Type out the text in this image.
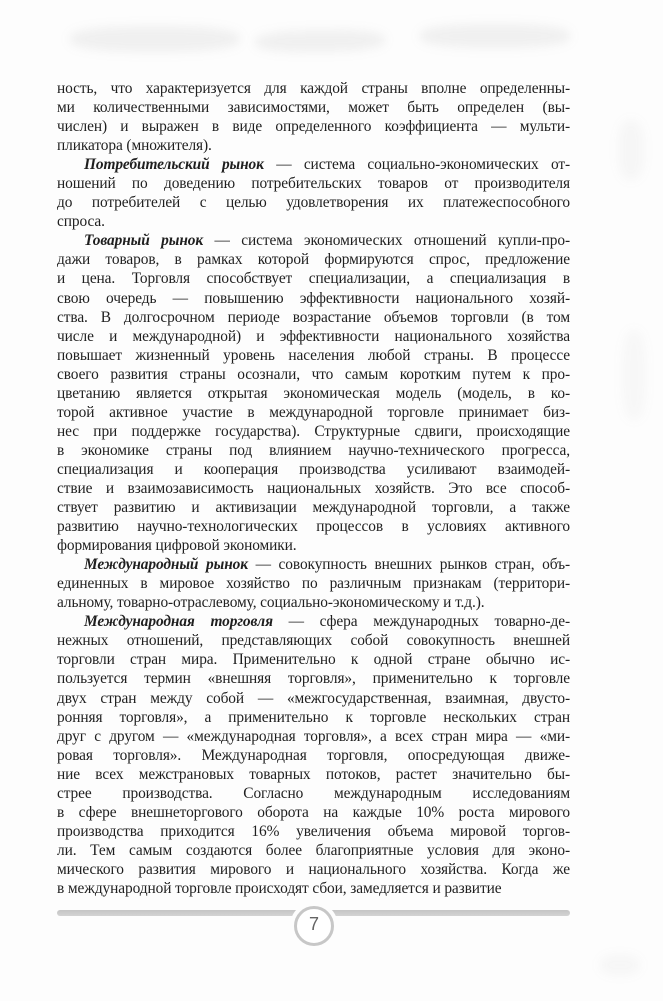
ность, что характеризуется для каждой страны вполне определенны-
ми количественными зависимостями, может быть определен (вы-
числен) и выражен в виде определенного коэффициента — мульти-
пликатора (множителя).
Потребительский рынок — система социально-экономических от-
ношений по доведению потребительских товаров от производителя
до потребителей с целью удовлетворения их платежеспособного
спроса.
Товарный рынок — система экономических отношений купли-про-
дажи товаров, в рамках которой формируются спрос, предложение
и цена. Торговля способствует специализации, а специализация в
свою очередь — повышению эффективности национального хозяй-
ства. В долгосрочном периоде возрастание объемов торговли (в том
числе и международной) и эффективности национального хозяйства
повышает жизненный уровень населения любой страны. В процессе
своего развития страны осознали, что самым коротким путем к про-
цветанию является открытая экономическая модель (модель, в ко-
торой активное участие в международной торговле принимает биз-
нес при поддержке государства). Структурные сдвиги, происходящие
в экономике страны под влиянием научно-технического прогресса,
специализация и кооперация производства усиливают взаимодей-
ствие и взаимозависимость национальных хозяйств. Это все способ-
ствует развитию и активизации международной торговли, а также
развитию научно-технологических процессов в условиях активного
формирования цифровой экономики.
Международный рынок — совокупность внешних рынков стран, объ-
единенных в мировое хозяйство по различным признакам (территори-
альному, товарно-отраслевому, социально-экономическому и т.д.).
Международная торговля — сфера международных товарно-де-
нежных отношений, представляющих собой совокупность внешней
торговли стран мира. Применительно к одной стране обычно ис-
пользуется термин «внешняя торговля», применительно к торговле
двух стран между собой — «межгосударственная, взаимная, двусто-
ронняя торговля», а применительно к торговле нескольких стран
друг с другом — «международная торговля», а всех стран мира — «ми-
ровая торговля». Международная торговля, опосредующая движе-
ние всех межстрановых товарных потоков, растет значительно бы-
стрее производства. Согласно международным исследованиям
в сфере внешнеторгового оборота на каждые 10% роста мирового
производства приходится 16% увеличения объема мировой торгов-
ли. Тем самым создаются более благоприятные условия для эконо-
мического развития мирового и национального хозяйства. Когда же
в международной торговле происходят сбои, замедляется и развитие
7
